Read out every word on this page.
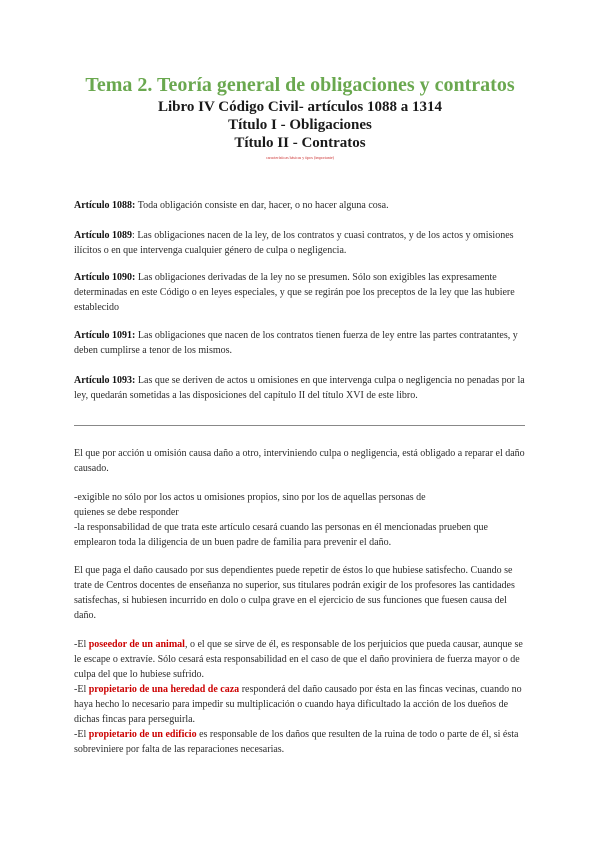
Tema 2. Teoría general de obligaciones y contratos
Libro IV Código Civil- artículos 1088 a 1314
Título I - Obligaciones
Título II - Contratos
características básicas y tipos (importante)

Artículo 1088: Toda obligación consiste en dar, hacer, o no hacer alguna cosa.

Artículo 1089: Las obligaciones nacen de la ley, de los contratos y cuasi contratos, y de los actos y omisiones ilícitos o en que intervenga cualquier género de culpa o negligencia.

Artículo 1090: Las obligaciones derivadas de la ley no se presumen. Sólo son exigibles las expresamente determinadas en este Código o en leyes especiales, y que se regirán poe los preceptos de la ley que las hubiere establecido

Artículo 1091: Las obligaciones que nacen de los contratos tienen fuerza de ley entre las partes contratantes, y deben cumplirse a tenor de los mismos.

Artículo 1093: Las que se deriven de actos u omisiones en que intervenga culpa o negligencia no penadas por la ley, quedarán sometidas a las disposiciones del capítulo II del título XVI de este libro.

El que por acción u omisión causa daño a otro, interviniendo culpa o negligencia, está obligado a reparar el daño causado.

-exigible no sólo por los actos u omisiones propios, sino por los de aquellas personas de
quienes se debe responder
-la responsabilidad de que trata este artículo cesará cuando las personas en él mencionadas prueben que emplearon toda la diligencia de un buen padre de familia para prevenir el daño.

El que paga el daño causado por sus dependientes puede repetir de éstos lo que hubiese satisfecho. Cuando se trate de Centros docentes de enseñanza no superior, sus titulares podrán exigir de los profesores las cantidades satisfechas, si hubiesen incurrido en dolo o culpa grave en el ejercicio de sus funciones que fuesen causa del daño.

-El poseedor de un animal, o el que se sirve de él, es responsable de los perjuicios que pueda causar, aunque se le escape o extravíe. Sólo cesará esta responsabilidad en el caso de que el daño proviniera de fuerza mayor o de culpa del que lo hubiese sufrido.
-El propietario de una heredad de caza responderá del daño causado por ésta en las fincas vecinas, cuando no haya hecho lo necesario para impedir su multiplicación o cuando haya dificultado la acción de los dueños de dichas fincas para perseguirla.
-El propietario de un edificio es responsable de los daños que resulten de la ruina de todo o parte de él, si ésta sobreviniere por falta de las reparaciones necesarias.
